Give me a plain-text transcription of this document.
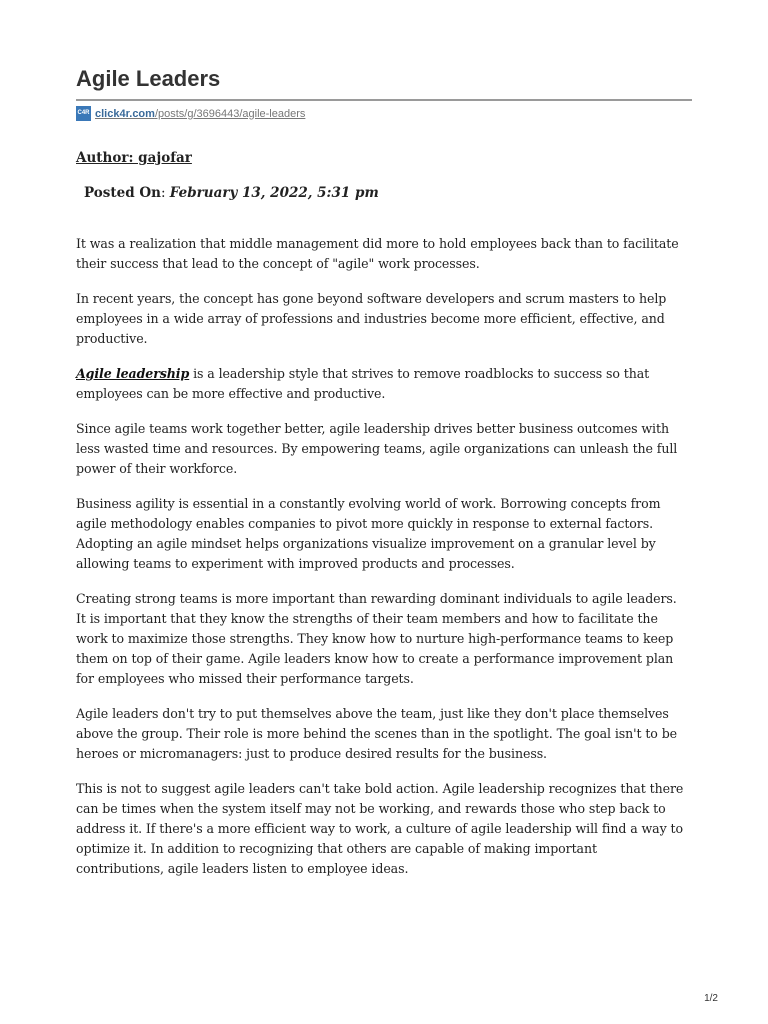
Agile Leaders
C4R click4r.com/posts/g/3696443/agile-leaders
Author: gajofar
Posted On: February 13, 2022, 5:31 pm

It was a realization that middle management did more to hold employees back than to facilitate their success that lead to the concept of "agile" work processes.

In recent years, the concept has gone beyond software developers and scrum masters to help employees in a wide array of professions and industries become more efficient, effective, and productive.

Agile leadership is a leadership style that strives to remove roadblocks to success so that employees can be more effective and productive.

Since agile teams work together better, agile leadership drives better business outcomes with less wasted time and resources. By empowering teams, agile organizations can unleash the full power of their workforce.

Business agility is essential in a constantly evolving world of work. Borrowing concepts from agile methodology enables companies to pivot more quickly in response to external factors. Adopting an agile mindset helps organizations visualize improvement on a granular level by allowing teams to experiment with improved products and processes.

Creating strong teams is more important than rewarding dominant individuals to agile leaders. It is important that they know the strengths of their team members and how to facilitate the work to maximize those strengths. They know how to nurture high-performance teams to keep them on top of their game. Agile leaders know how to create a performance improvement plan for employees who missed their performance targets.

Agile leaders don't try to put themselves above the team, just like they don't place themselves above the group. Their role is more behind the scenes than in the spotlight. The goal isn't to be heroes or micromanagers: just to produce desired results for the business.

This is not to suggest agile leaders can't take bold action. Agile leadership recognizes that there can be times when the system itself may not be working, and rewards those who step back to address it. If there's a more efficient way to work, a culture of agile leadership will find a way to optimize it. In addition to recognizing that others are capable of making important contributions, agile leaders listen to employee ideas.

1/2
